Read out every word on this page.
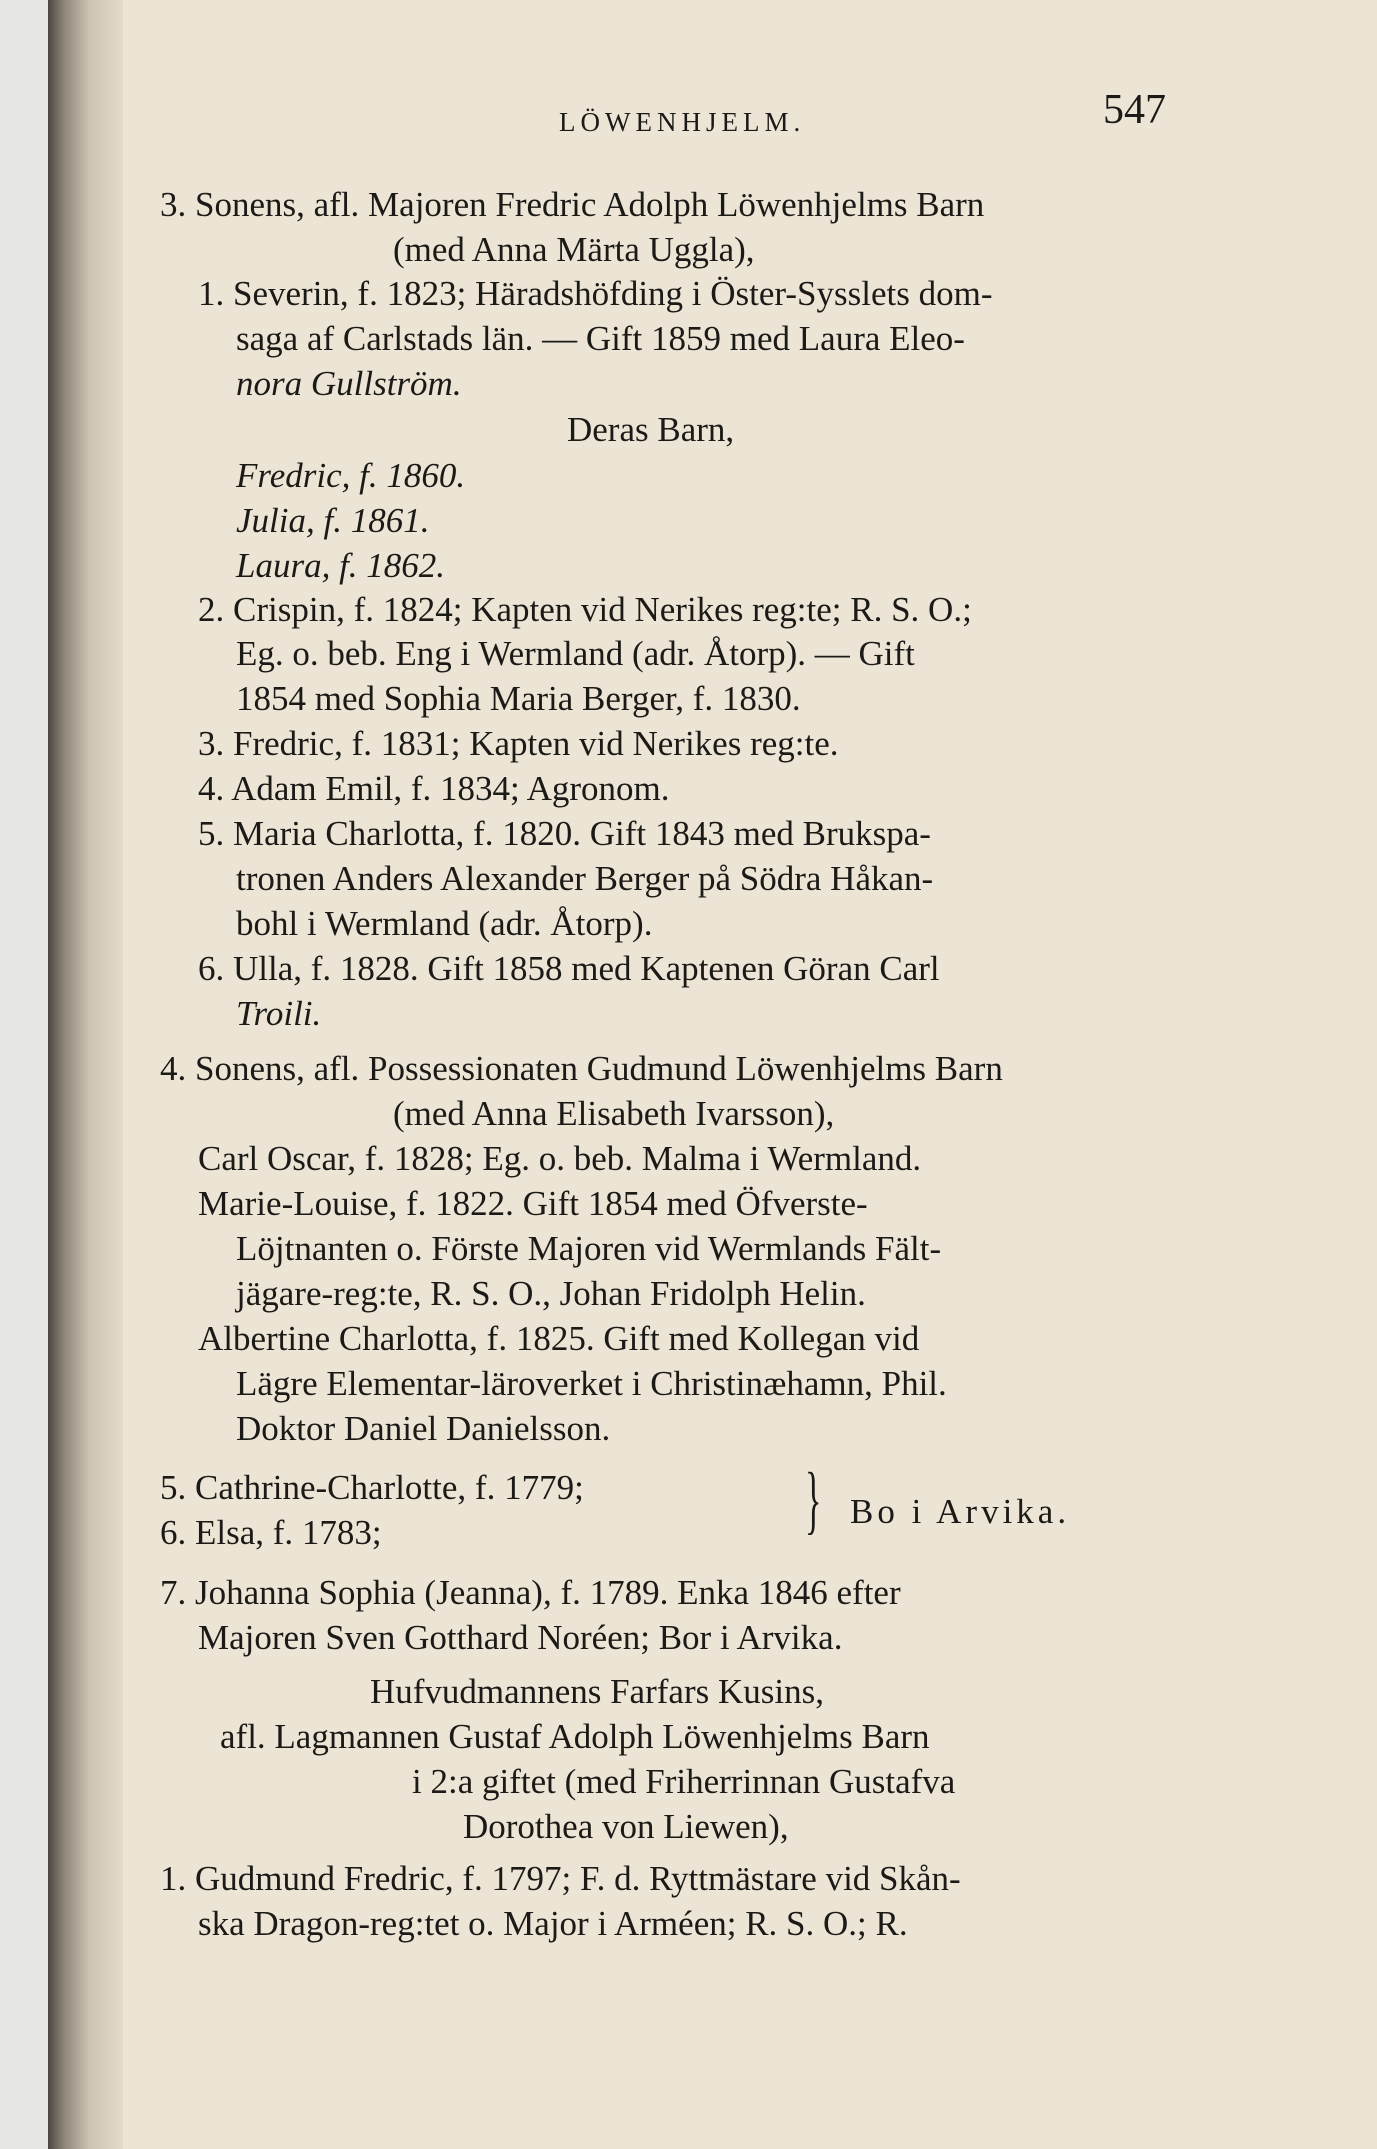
LÖWENHJELM.	547
3. Sonens, afl. Majoren Fredric Adolph Löwenhjelms Barn
(med Anna Märta Uggla),
1. Severin, f. 1823; Häradshöfding i Öster-Sysslets dom-
saga af Carlstads län. — Gift 1859 med Laura Eleo-
nora Gullström.
Deras Barn,
Fredric, f. 1860.
Julia, f. 1861.
Laura, f. 1862.
2. Crispin, f. 1824; Kapten vid Nerikes reg:te; R. S. O.;
Eg. o. beb. Eng i Wermland (adr. Åtorp). — Gift
1854 med Sophia Maria Berger, f. 1830.
3. Fredric, f. 1831; Kapten vid Nerikes reg:te.
4. Adam Emil, f. 1834; Agronom.
5. Maria Charlotta, f. 1820. Gift 1843 med Brukspa-
tronen Anders Alexander Berger på Södra Håkan-
bohl i Wermland (adr. Åtorp).
6. Ulla, f. 1828. Gift 1858 med Kaptenen Göran Carl
Troili.
4. Sonens, afl. Possessionaten Gudmund Löwenhjelms Barn
(med Anna Elisabeth Ivarsson),
Carl Oscar, f. 1828; Eg. o. beb. Malma i Wermland.
Marie-Louise, f. 1822. Gift 1854 med Öfverste-
Löjtnanten o. Förste Majoren vid Wermlands Fält-
jägare-reg:te, R. S. O., Johan Fridolph Helin.
Albertine Charlotta, f. 1825. Gift med Kollegan vid
Lägre Elementar-läroverket i Christinæhamn, Phil.
Doktor Daniel Danielsson.
5. Cathrine-Charlotte, f. 1779;
6. Elsa, f. 1783;	} Bo i Arvika.
7. Johanna Sophia (Jeanna), f. 1789. Enka 1846 efter
Majoren Sven Gotthard Noréen; Bor i Arvika.
Hufvudmannens Farfars Kusins,
afl. Lagmannen Gustaf Adolph Löwenhjelms Barn
i 2:a giftet (med Friherrinnan Gustafva
Dorothea von Liewen),
1. Gudmund Fredric, f. 1797; F. d. Ryttmästare vid Skån-
ska Dragon-reg:tet o. Major i Arméen; R. S. O.; R.
